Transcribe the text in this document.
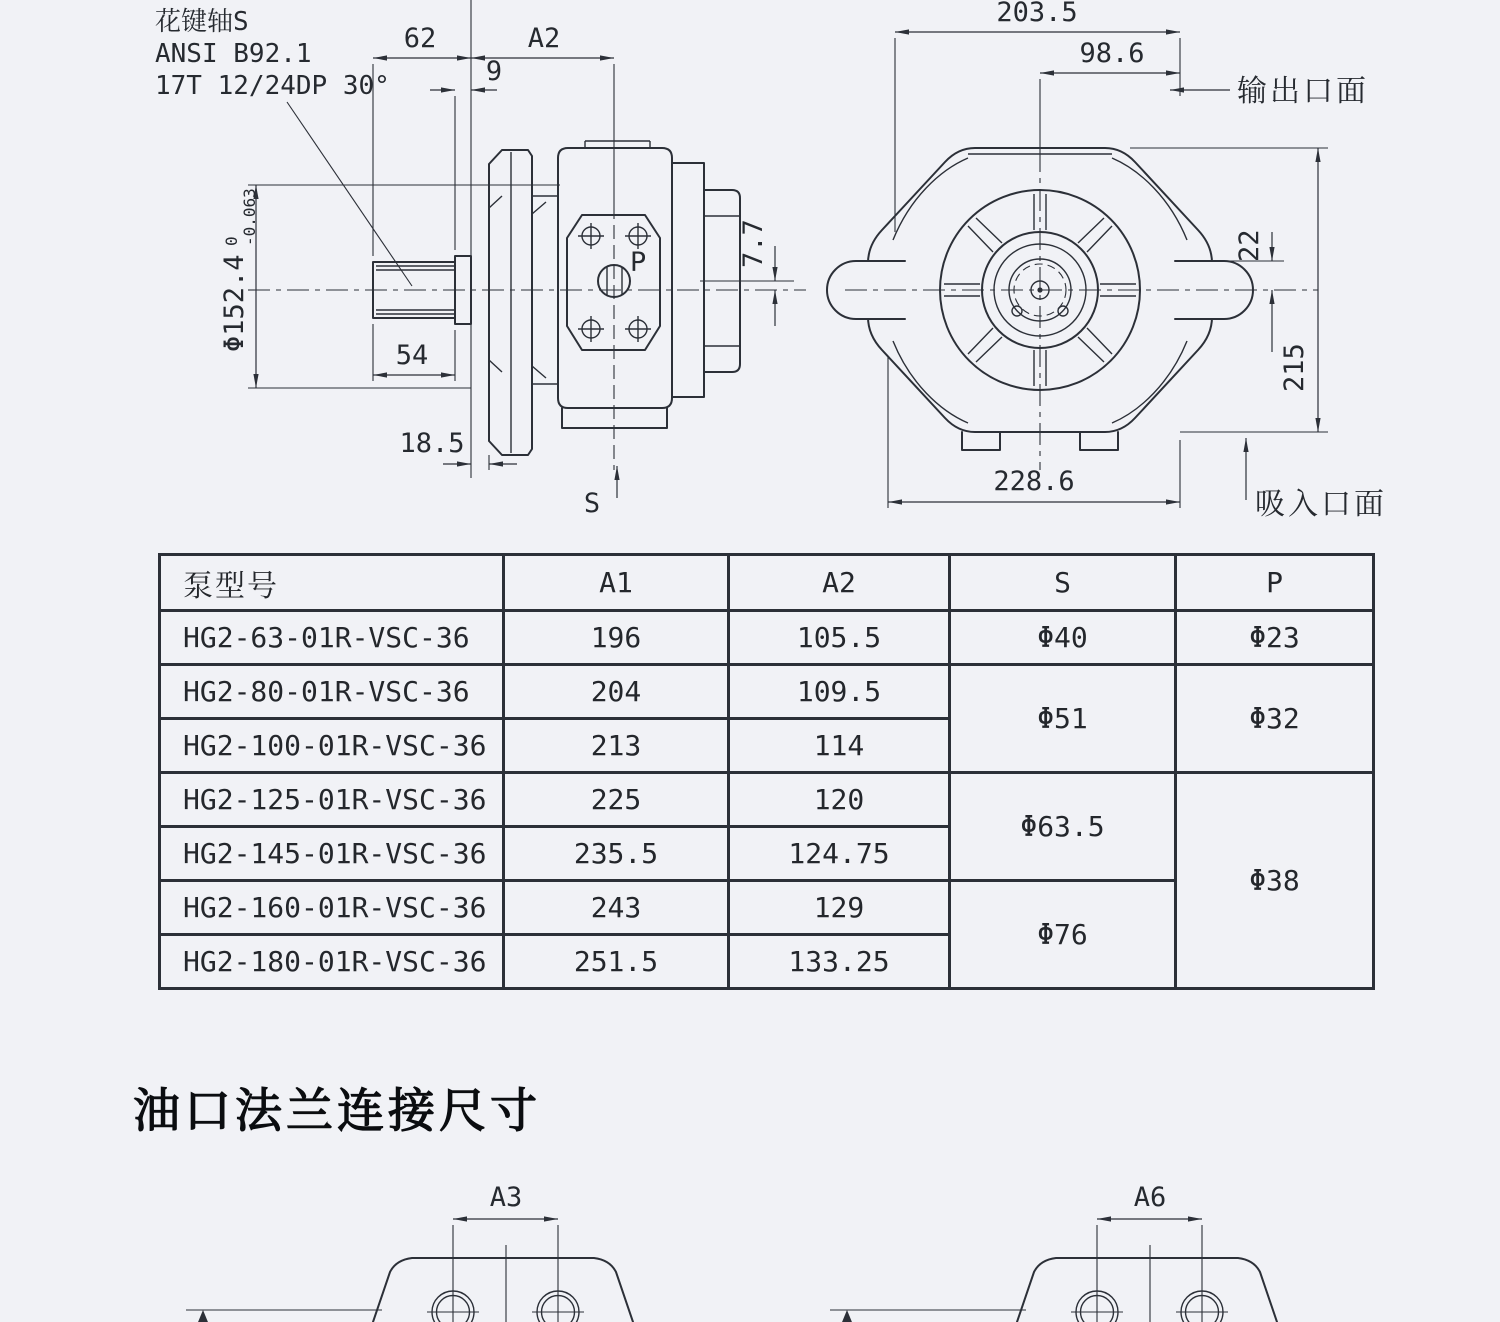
花键轴S
ANSI B92.1
17T 12/24DP 30°
P
62	A2
9
Φ152.4
0 -0.063
54
18.5
7.7
S
203.5
98.6
输出口面
22
215
228.6
吸入口面
泵型号	A1	A2	S	P
HG2-63-01R-VSC-36	196	105.5	Φ40	Φ23
HG2-80-01R-VSC-36	204	109.5	Φ51	Φ32
HG2-100-01R-VSC-36	213	114		
HG2-125-01R-VSC-36	225	120	Φ63.5	Φ38
HG2-145-01R-VSC-36	235.5	124.75		
HG2-160-01R-VSC-36	243	129	Φ76	
HG2-180-01R-VSC-36	251.5	133.25		
油口法兰连接尺寸
A3	A6
